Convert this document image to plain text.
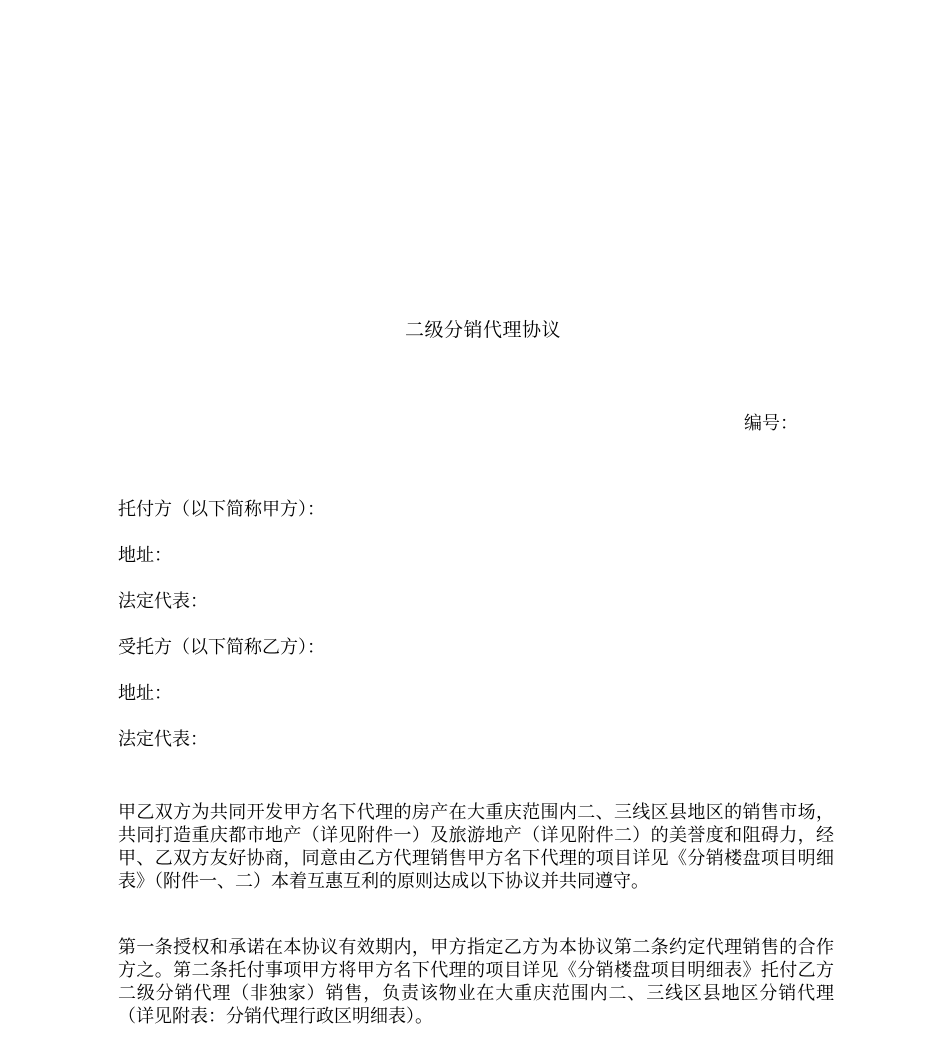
二级分销代理协议
编号：
托付方（以下简称甲方）：
地址：
法定代表：
受托方（以下简称乙方）：
地址：
法定代表：
甲乙双方为共同开发甲方名下代理的房产在大重庆范围内二、三线区县地区的销售市场，共同打造重庆都市地产（详见附件一）及旅游地产（详见附件二）的美誉度和阻碍力，经甲、乙双方友好协商，同意由乙方代理销售甲方名下代理的项目详见《分销楼盘项目明细表》（附件一、二）本着互惠互利的原则达成以下协议并共同遵守。
第一条授权和承诺在本协议有效期内，甲方指定乙方为本协议第二条约定代理销售的合作方之。第二条托付事项甲方将甲方名下代理的项目详见《分销楼盘项目明细表》托付乙方二级分销代理（非独家）销售，负责该物业在大重庆范围内二、三线区县地区分销代理（详见附表：分销代理行政区明细表）。
